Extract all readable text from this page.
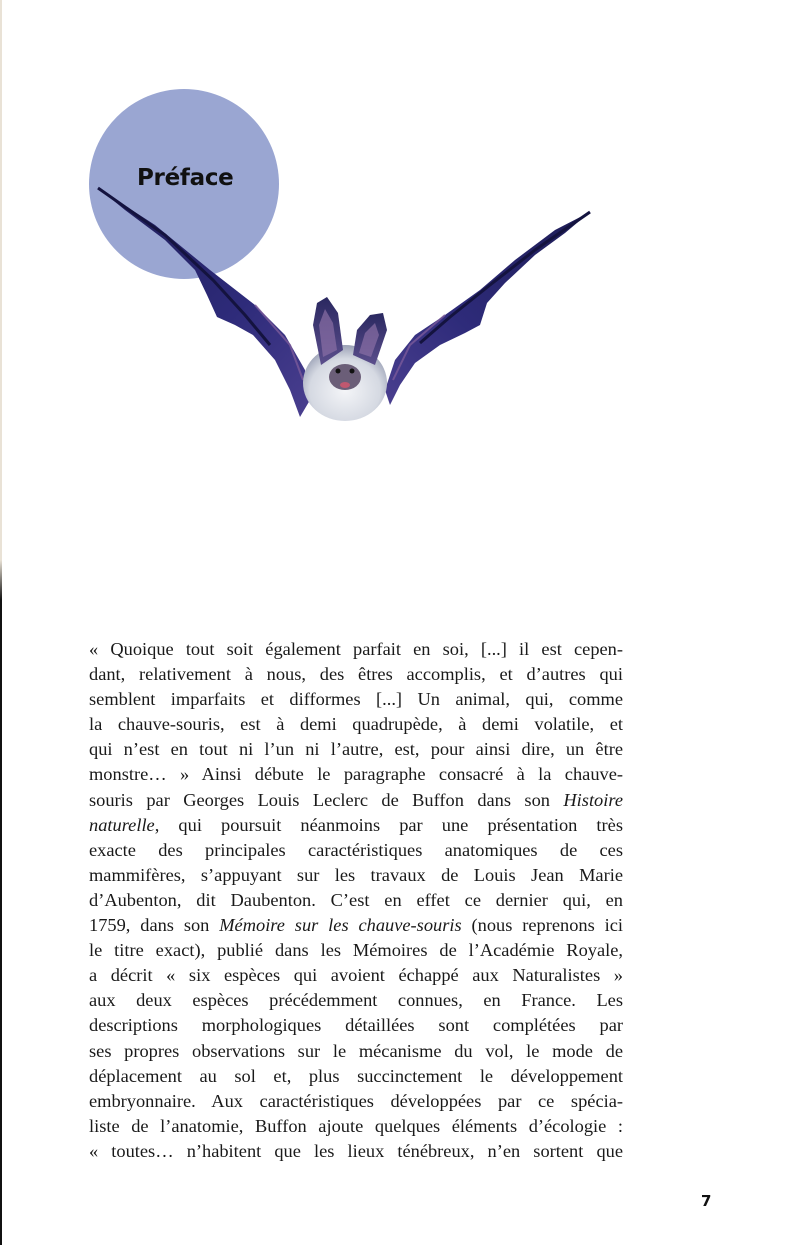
Préface

« Quoique tout soit également parfait en soi, [...] il est cepen-
dant, relativement à nous, des êtres accomplis, et d’autres qui
semblent imparfaits et difformes [...] Un animal, qui, comme
la chauve-souris, est à demi quadrupède, à demi volatile, et
qui n’est en tout ni l’un ni l’autre, est, pour ainsi dire, un être
monstre… » Ainsi débute le paragraphe consacré à la chauve-
souris par Georges Louis Leclerc de Buffon dans son Histoire
naturelle, qui poursuit néanmoins par une présentation très
exacte des principales caractéristiques anatomiques de ces
mammifères, s’appuyant sur les travaux de Louis Jean Marie
d’Aubenton, dit Daubenton. C’est en effet ce dernier qui, en
1759, dans son Mémoire sur les chauve-souris (nous reprenons ici
le titre exact), publié dans les Mémoires de l’Académie Royale,
a décrit « six espèces qui avoient échappé aux Naturalistes »
aux deux espèces précédemment connues, en France. Les
descriptions morphologiques détaillées sont complétées par
ses propres observations sur le mécanisme du vol, le mode de
déplacement au sol et, plus succinctement le développement
embryonnaire. Aux caractéristiques développées par ce spécia-
liste de l’anatomie, Buffon ajoute quelques éléments d’écologie :
« toutes… n’habitent que les lieux ténébreux, n’en sortent que

7
